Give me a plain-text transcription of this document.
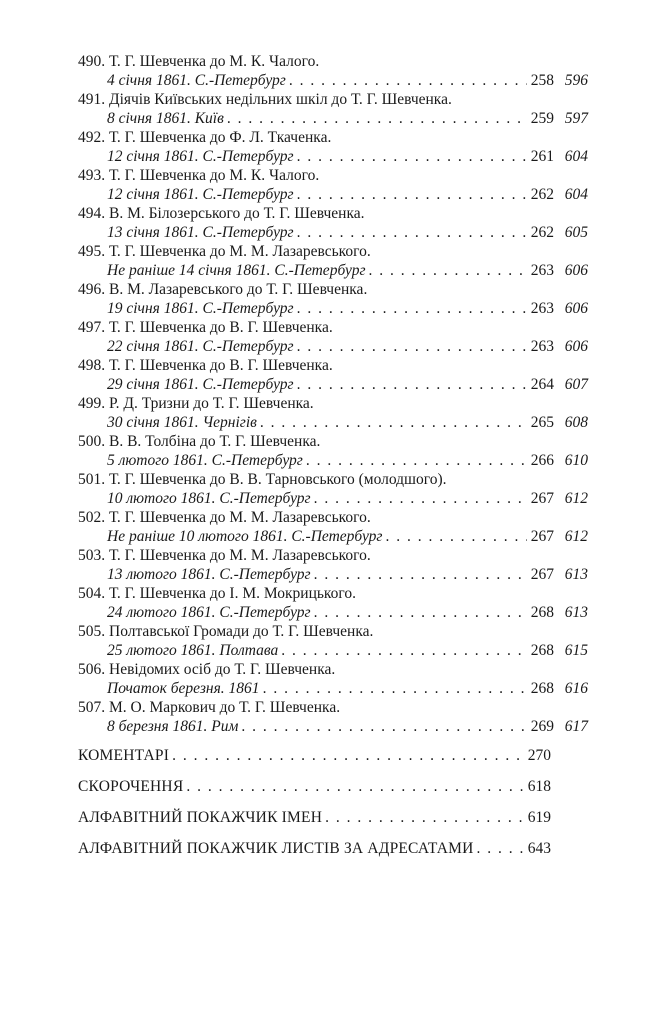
490. Т. Г. Шевченка до М. К. Чалого.
4 січня 1861. С.-Петербург . . .	258 596
491. Діячів Київських недільних шкіл до Т. Г. Шевченка.
8 січня 1861. Київ . . .	259 597
492. Т. Г. Шевченка до Ф. Л. Ткаченка.
12 січня 1861. С.-Петербург . . .	261 604
493. Т. Г. Шевченка до М. К. Чалого.
12 січня 1861. С.-Петербург . . .	262 604
494. В. М. Білозерського до Т. Г. Шевченка.
13 січня 1861. С.-Петербург . . .	262 605
495. Т. Г. Шевченка до М. М. Лазаревського.
Не раніше 14 січня 1861. С.-Петербург . . .	263 606
496. В. М. Лазаревського до Т. Г. Шевченка.
19 січня 1861. С.-Петербург . . .	263 606
497. Т. Г. Шевченка до В. Г. Шевченка.
22 січня 1861. С.-Петербург . . .	263 606
498. Т. Г. Шевченка до В. Г. Шевченка.
29 січня 1861. С.-Петербург . . .	264 607
499. Р. Д. Тризни до Т. Г. Шевченка.
30 січня 1861. Чернігів . . .	265 608
500. В. В. Толбіна до Т. Г. Шевченка.
5 лютого 1861. С.-Петербург . . .	266 610
501. Т. Г. Шевченка до В. В. Тарновського (молодшого).
10 лютого 1861. С.-Петербург . . .	267 612
502. Т. Г. Шевченка до М. М. Лазаревського.
Не раніше 10 лютого 1861. С.-Петербург . . .	267 612
503. Т. Г. Шевченка до М. М. Лазаревського.
13 лютого 1861. С.-Петербург . . .	267 613
504. Т. Г. Шевченка до І. М. Мокрицького.
24 лютого 1861. С.-Петербург . . .	268 613
505. Полтавської Громади до Т. Г. Шевченка.
25 лютого 1861. Полтава . . .	268 615
506. Невідомих осіб до Т. Г. Шевченка.
Початок березня. 1861 . . .	268 616
507. М. О. Маркович до Т. Г. Шевченка.
8 березня 1861. Рим . . .	269 617
КОМЕНТАРІ . . .	270
СКОРОЧЕННЯ . . .	618
АЛФАВІТНИЙ ПОКАЖЧИК ІМЕН . . .	619
АЛФАВІТНИЙ ПОКАЖЧИК ЛИСТІВ ЗА АДРЕСАТАМИ . . .	643
